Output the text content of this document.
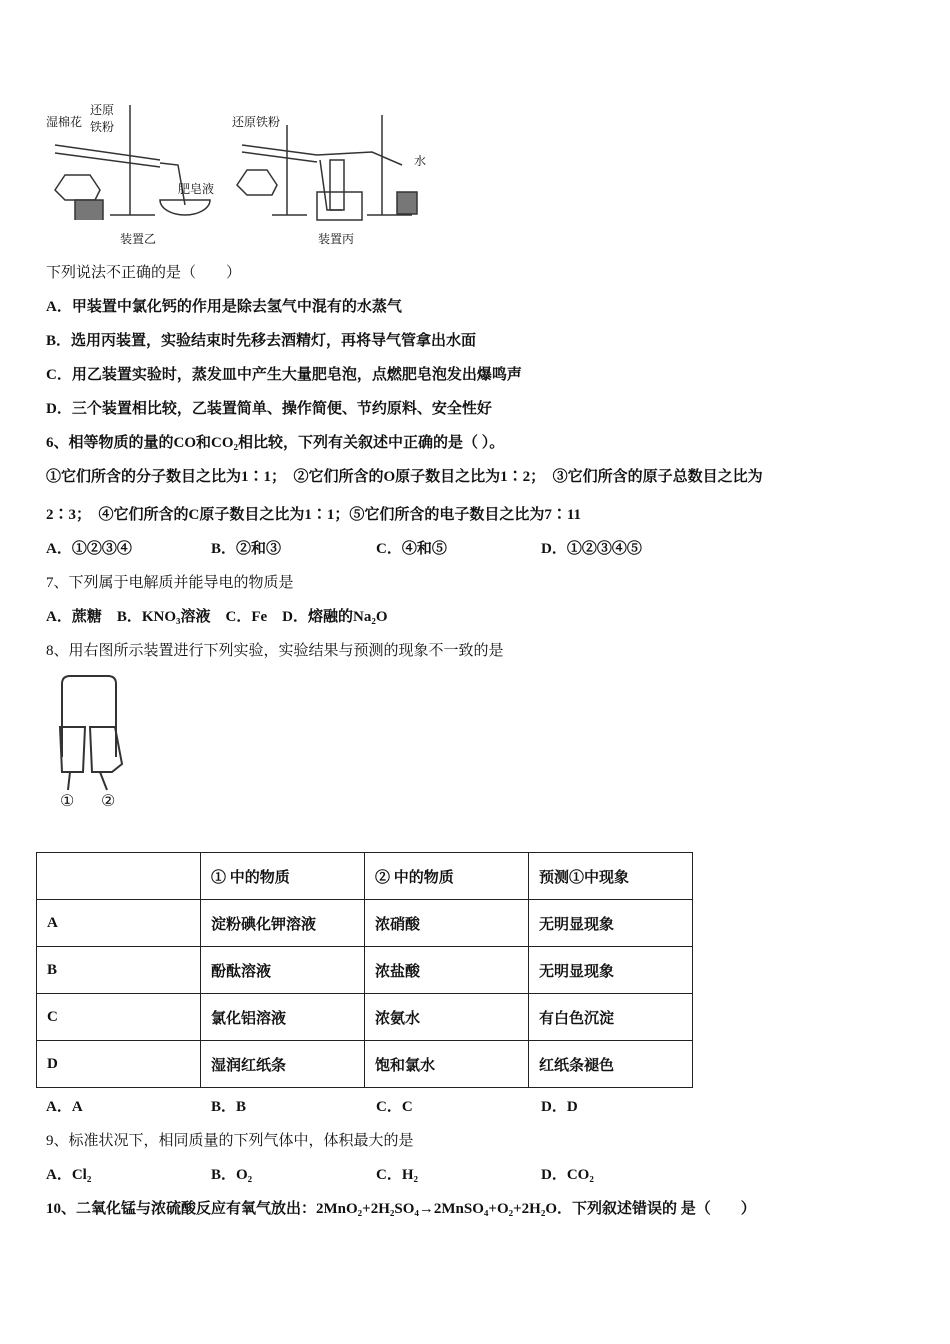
湿棉花
还原铁粉
肥皂液
装置乙
还原铁粉
水
装置丙
下列说法不正确的是（　　）
A．甲装置中氯化钙的作用是除去氢气中混有的水蒸气
B．选用丙装置，实验结束时先移去酒精灯，再将导气管拿出水面
C．用乙装置实验时，蒸发皿中产生大量肥皂泡，点燃肥皂泡发出爆鸣声
D．三个装置相比较，乙装置简单、操作简便、节约原料、安全性好
6、相等物质的量的CO和CO₂相比较，下列有关叙述中正确的是（ ）。
①它们所含的分子数目之比为1∶1；　②它们所含的O原子数目之比为1∶2；　③它们所含的原子总数目之比为
2∶3；　④它们所含的C原子数目之比为1∶1；⑤它们所含的电子数目之比为7∶11
A．①②③④	B．②和③	C．④和⑤	D．①②③④⑤
7、下列属于电解质并能导电的物质是
A．蔗糖　B．KNO₃溶液　C．Fe　D．熔融的Na₂O
8、用右图所示装置进行下列实验，实验结果与预测的现象不一致的是
① ②
	① 中的物质	② 中的物质	预测①中现象
A	淀粉碘化钾溶液	浓硝酸	无明显现象
B	酚酞溶液	浓盐酸	无明显现象
C	氯化铝溶液	浓氨水	有白色沉淀
D	湿润红纸条	饱和氯水	红纸条褪色
A．A	B．B	C．C	D．D
9、标准状况下，相同质量的下列气体中，体积最大的是
A．Cl₂	B．O₂	C．H₂	D．CO₂
10、二氧化锰与浓硫酸反应有氧气放出：2MnO₂+2H₂SO₄→2MnSO₄+O₂+2H₂O．下列叙述错误的 是（　　）
